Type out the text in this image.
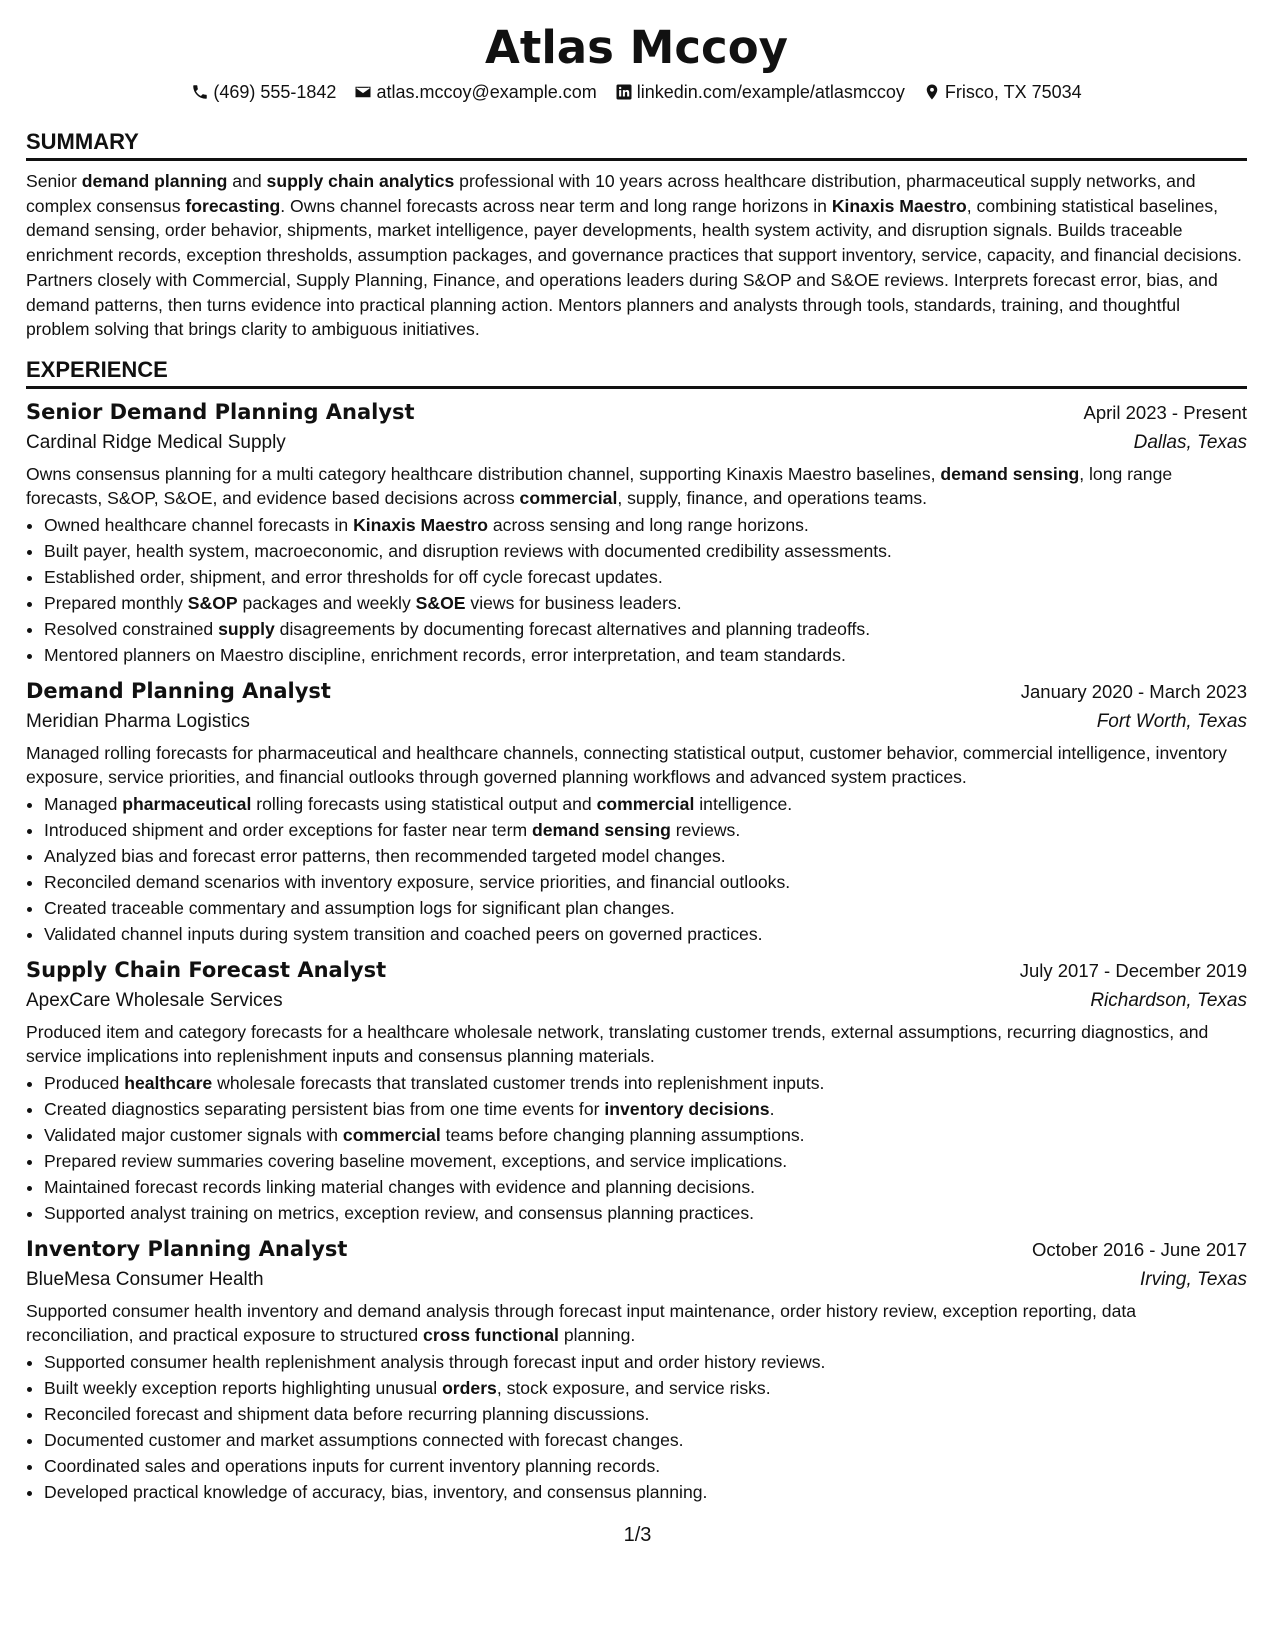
Atlas Mccoy
(469) 555-1842 atlas.mccoy@example.com linkedin.com/example/atlasmccoy Frisco, TX 75034
SUMMARY
Senior demand planning and supply chain analytics professional with 10 years across healthcare distribution, pharmaceutical supply networks, and complex consensus forecasting. Owns channel forecasts across near term and long range horizons in Kinaxis Maestro, combining statistical baselines, demand sensing, order behavior, shipments, market intelligence, payer developments, health system activity, and disruption signals. Builds traceable enrichment records, exception thresholds, assumption packages, and governance practices that support inventory, service, capacity, and financial decisions. Partners closely with Commercial, Supply Planning, Finance, and operations leaders during S&OP and S&OE reviews. Interprets forecast error, bias, and demand patterns, then turns evidence into practical planning action. Mentors planners and analysts through tools, standards, training, and thoughtful problem solving that brings clarity to ambiguous initiatives.
EXPERIENCE
Senior Demand Planning Analyst	April 2023 - Present
Cardinal Ridge Medical Supply	Dallas, Texas
Owns consensus planning for a multi category healthcare distribution channel, supporting Kinaxis Maestro baselines, demand sensing, long range forecasts, S&OP, S&OE, and evidence based decisions across commercial, supply, finance, and operations teams.
• Owned healthcare channel forecasts in Kinaxis Maestro across sensing and long range horizons.
• Built payer, health system, macroeconomic, and disruption reviews with documented credibility assessments.
• Established order, shipment, and error thresholds for off cycle forecast updates.
• Prepared monthly S&OP packages and weekly S&OE views for business leaders.
• Resolved constrained supply disagreements by documenting forecast alternatives and planning tradeoffs.
• Mentored planners on Maestro discipline, enrichment records, error interpretation, and team standards.
Demand Planning Analyst	January 2020 - March 2023
Meridian Pharma Logistics	Fort Worth, Texas
Managed rolling forecasts for pharmaceutical and healthcare channels, connecting statistical output, customer behavior, commercial intelligence, inventory exposure, service priorities, and financial outlooks through governed planning workflows and advanced system practices.
• Managed pharmaceutical rolling forecasts using statistical output and commercial intelligence.
• Introduced shipment and order exceptions for faster near term demand sensing reviews.
• Analyzed bias and forecast error patterns, then recommended targeted model changes.
• Reconciled demand scenarios with inventory exposure, service priorities, and financial outlooks.
• Created traceable commentary and assumption logs for significant plan changes.
• Validated channel inputs during system transition and coached peers on governed practices.
Supply Chain Forecast Analyst	July 2017 - December 2019
ApexCare Wholesale Services	Richardson, Texas
Produced item and category forecasts for a healthcare wholesale network, translating customer trends, external assumptions, recurring diagnostics, and service implications into replenishment inputs and consensus planning materials.
• Produced healthcare wholesale forecasts that translated customer trends into replenishment inputs.
• Created diagnostics separating persistent bias from one time events for inventory decisions.
• Validated major customer signals with commercial teams before changing planning assumptions.
• Prepared review summaries covering baseline movement, exceptions, and service implications.
• Maintained forecast records linking material changes with evidence and planning decisions.
• Supported analyst training on metrics, exception review, and consensus planning practices.
Inventory Planning Analyst	October 2016 - June 2017
BlueMesa Consumer Health	Irving, Texas
Supported consumer health inventory and demand analysis through forecast input maintenance, order history review, exception reporting, data reconciliation, and practical exposure to structured cross functional planning.
• Supported consumer health replenishment analysis through forecast input and order history reviews.
• Built weekly exception reports highlighting unusual orders, stock exposure, and service risks.
• Reconciled forecast and shipment data before recurring planning discussions.
• Documented customer and market assumptions connected with forecast changes.
• Coordinated sales and operations inputs for current inventory planning records.
• Developed practical knowledge of accuracy, bias, inventory, and consensus planning.
1/3
